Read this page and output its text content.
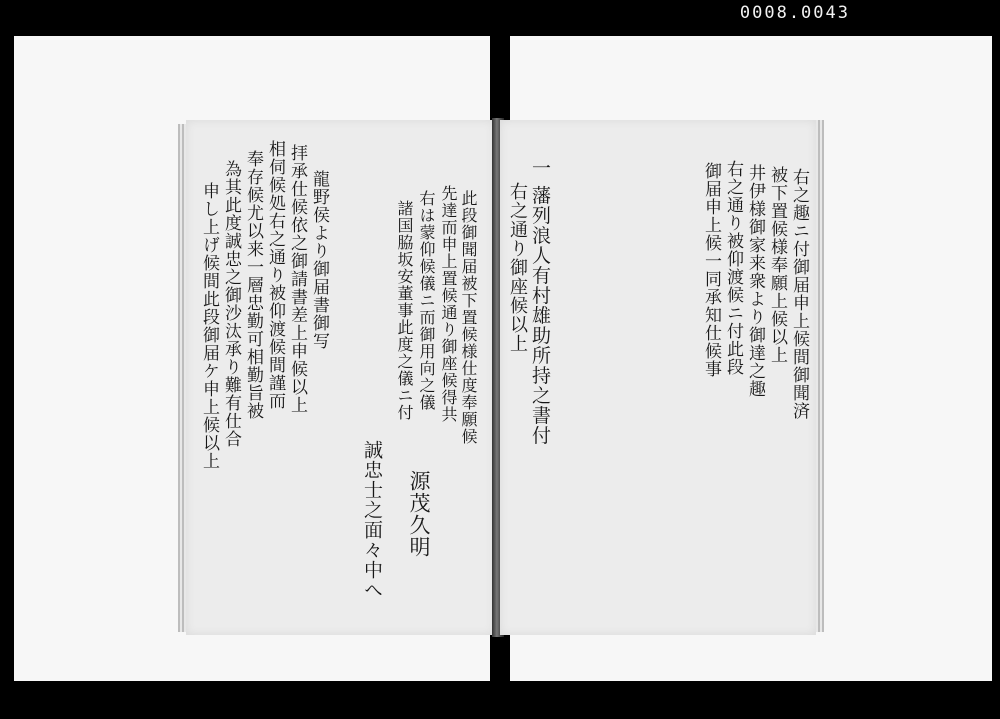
0008.0043
申し上げ候間此段御届ケ申上候以上 為其此度誠忠之御沙汰承り難有仕合 奉存候尤以来一層忠勤可相勤旨被 相伺候処右之通り被仰渡候間謹而 拝承仕候依之御請書差上申候以上 龍野侯より御届書御写	諸国脇坂安董事此度之儀ニ付 右は蒙仰候儀ニ而御用向之儀 先達而申上置候通り御座候得共 此段御聞届被下置候様仕度奉願候
誠忠士之面々中へ 源茂久明
右之趣ニ付御届申上候間御聞済
被下置候様奉願上候以上
井伊様御家来衆より御達之趣
右之通り被仰渡候ニ付此段
御届申上候一同承知仕候事
一 藩列浪人有村雄助所持之書付
右之通り御座候以上
